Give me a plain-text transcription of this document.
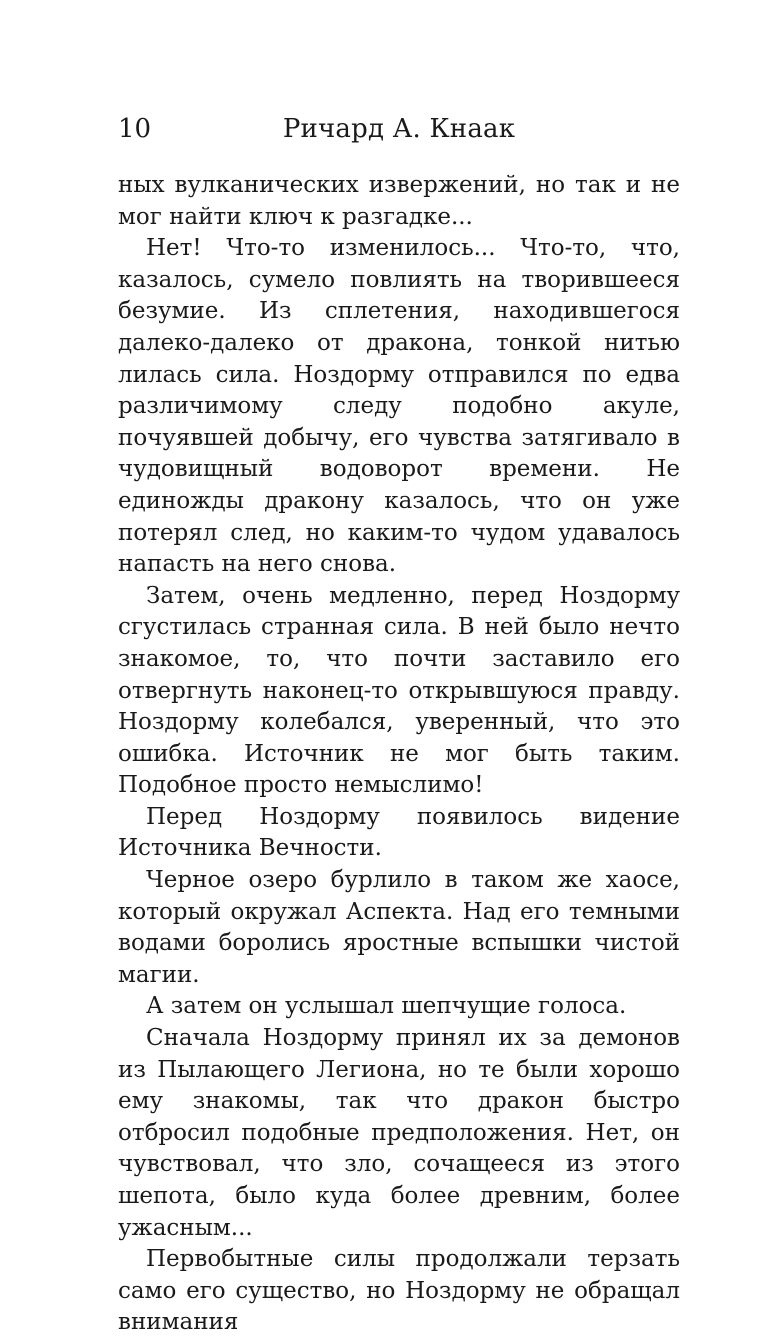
10	Ричард А. Кнаак

ных вулканических извержений, но так и не мог найти ключ к разгадке...

Нет! Что-то изменилось... Что-то, что, казалось, сумело повлиять на творившееся безумие. Из сплетения, находившегося далеко-далеко от дракона, тонкой нитью лилась сила. Ноздорму отправился по едва различимому следу подобно акуле, почуявшей добычу, его чувства затягивало в чудовищный водоворот времени. Не единожды дракону казалось, что он уже потерял след, но каким-то чудом удавалось напасть на него снова.

Затем, очень медленно, перед Ноздорму сгустилась странная сила. В ней было нечто знакомое, то, что почти заставило его отвергнуть наконец-то открывшуюся правду. Ноздорму колебался, уверенный, что это ошибка. Источник не мог быть таким. Подобное просто немыслимо!

Перед Ноздорму появилось видение Источника Вечности.

Черное озеро бурлило в таком же хаосе, который окружал Аспекта. Над его темными водами боролись яростные вспышки чистой магии.

А затем он услышал шепчущие голоса.

Сначала Ноздорму принял их за демонов из Пылающего Легиона, но те были хорошо ему знакомы, так что дракон быстро отбросил подобные предположения. Нет, он чувствовал, что зло, сочащееся из этого шепота, было куда более древним, более ужасным...

Первобытные силы продолжали терзать само его существо, но Ноздорму не обращал внимания
